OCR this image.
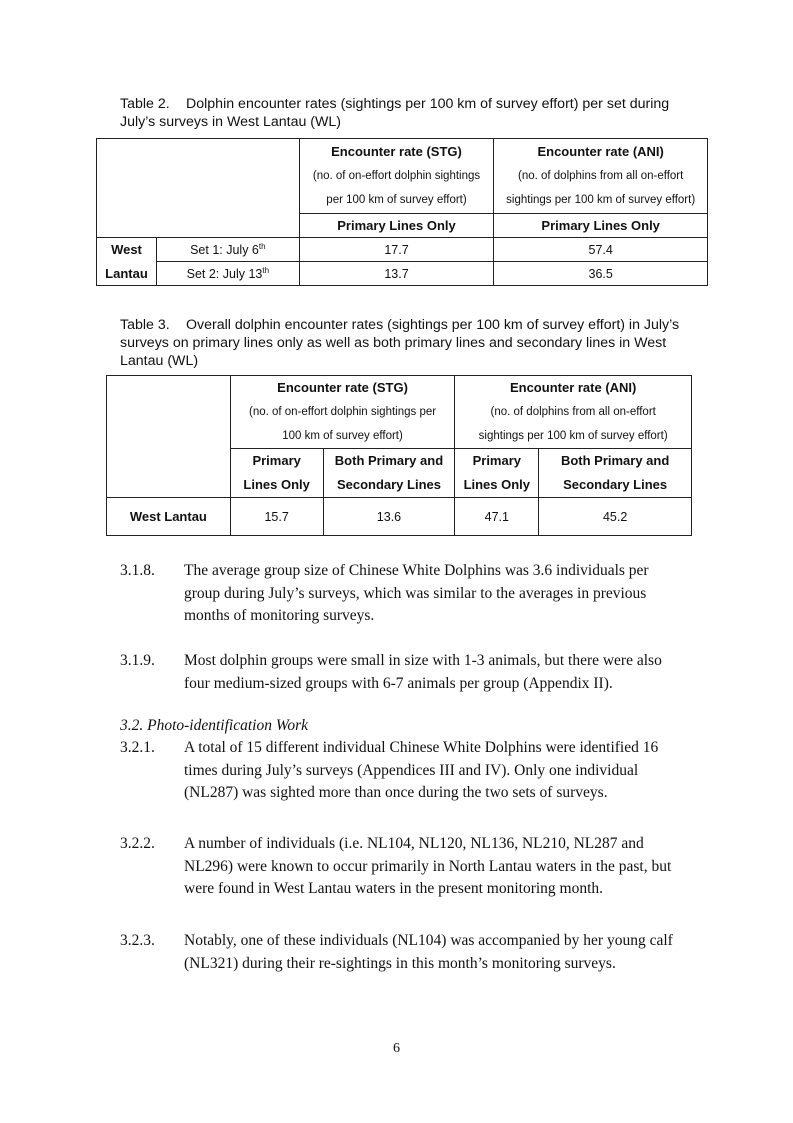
Table 2. Dolphin encounter rates (sightings per 100 km of survey effort) per set during July’s surveys in West Lantau (WL)
		Encounter rate (STG)	Encounter rate (ANI)
		(no. of on-effort dolphin sightings	(no. of dolphins from all on-effort
		per 100 km of survey effort)	sightings per 100 km of survey effort)
		Primary Lines Only	Primary Lines Only
West	Set 1: July 6th	17.7	57.4
Lantau	Set 2: July 13th	13.7	36.5
Table 3. Overall dolphin encounter rates (sightings per 100 km of survey effort) in July’s surveys on primary lines only as well as both primary lines and secondary lines in West Lantau (WL)
	Encounter rate (STG)		Encounter rate (ANI)	
	(no. of on-effort dolphin sightings per		(no. of dolphins from all on-effort	
	100 km of survey effort)		sightings per 100 km of survey effort)	
	Primary	Both Primary and	Primary	Both Primary and
	Lines Only	Secondary Lines	Lines Only	Secondary Lines
West Lantau	15.7	13.6	47.1	45.2
3.1.8. The average group size of Chinese White Dolphins was 3.6 individuals per group during July’s surveys, which was similar to the averages in previous months of monitoring surveys.
3.1.9. Most dolphin groups were small in size with 1-3 animals, but there were also four medium-sized groups with 6-7 animals per group (Appendix II).
3.2. Photo-identification Work
3.2.1. A total of 15 different individual Chinese White Dolphins were identified 16 times during July’s surveys (Appendices III and IV). Only one individual (NL287) was sighted more than once during the two sets of surveys.
3.2.2. A number of individuals (i.e. NL104, NL120, NL136, NL210, NL287 and NL296) were known to occur primarily in North Lantau waters in the past, but were found in West Lantau waters in the present monitoring month.
3.2.3. Notably, one of these individuals (NL104) was accompanied by her young calf (NL321) during their re-sightings in this month’s monitoring surveys.
6
